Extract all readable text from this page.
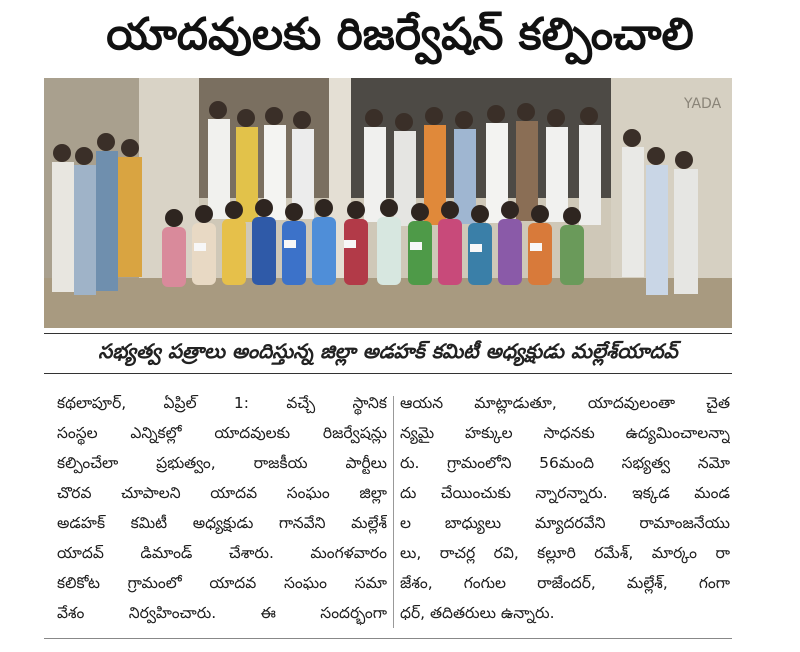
యాదవులకు రిజర్వేషన్ కల్పించాలి
YADA
సభ్యత్వ పత్రాలు అందిస్తున్న జిల్లా అడహక్ కమిటీ అధ్యక్షుడు మల్లేశ్‌యాదవ్
కథలాపూర్, ఏప్రిల్ 1: వచ్చే స్థానిక
సంస్థల ఎన్నికల్లో యాదవులకు రిజర్వేషన్లు
కల్పించేలా ప్రభుత్వం, రాజకీయ పార్టీలు
చొరవ చూపాలని యాదవ సంఘం జిల్లా
అడహక్ కమిటీ అధ్యక్షుడు గానవేని మల్లేశ్
యాదవ్ డిమాండ్ చేశారు. మంగళవారం
కలికోట గ్రామంలో యాదవ సంఘం సమా
వేశం నిర్వహించారు. ఈ సందర్భంగా
ఆయన మాట్లాడుతూ, యాదవులంతా చైత
న్యమై హక్కుల సాధనకు ఉద్యమించాలన్నా
రు. గ్రామంలోని 56మంది సభ్యత్వ నమో
దు చేయించుకు న్నారన్నారు. ఇక్కడ మండ
ల బాధ్యులు మ్యాదరవేని రామాంజనేయు
లు, రాచర్ల రవి, కల్లూరి రమేశ్, మార్కం రా
జేశం, గంగుల రాజేందర్, మల్లేశ్, గంగా
ధర్, తదితరులు ఉన్నారు.
